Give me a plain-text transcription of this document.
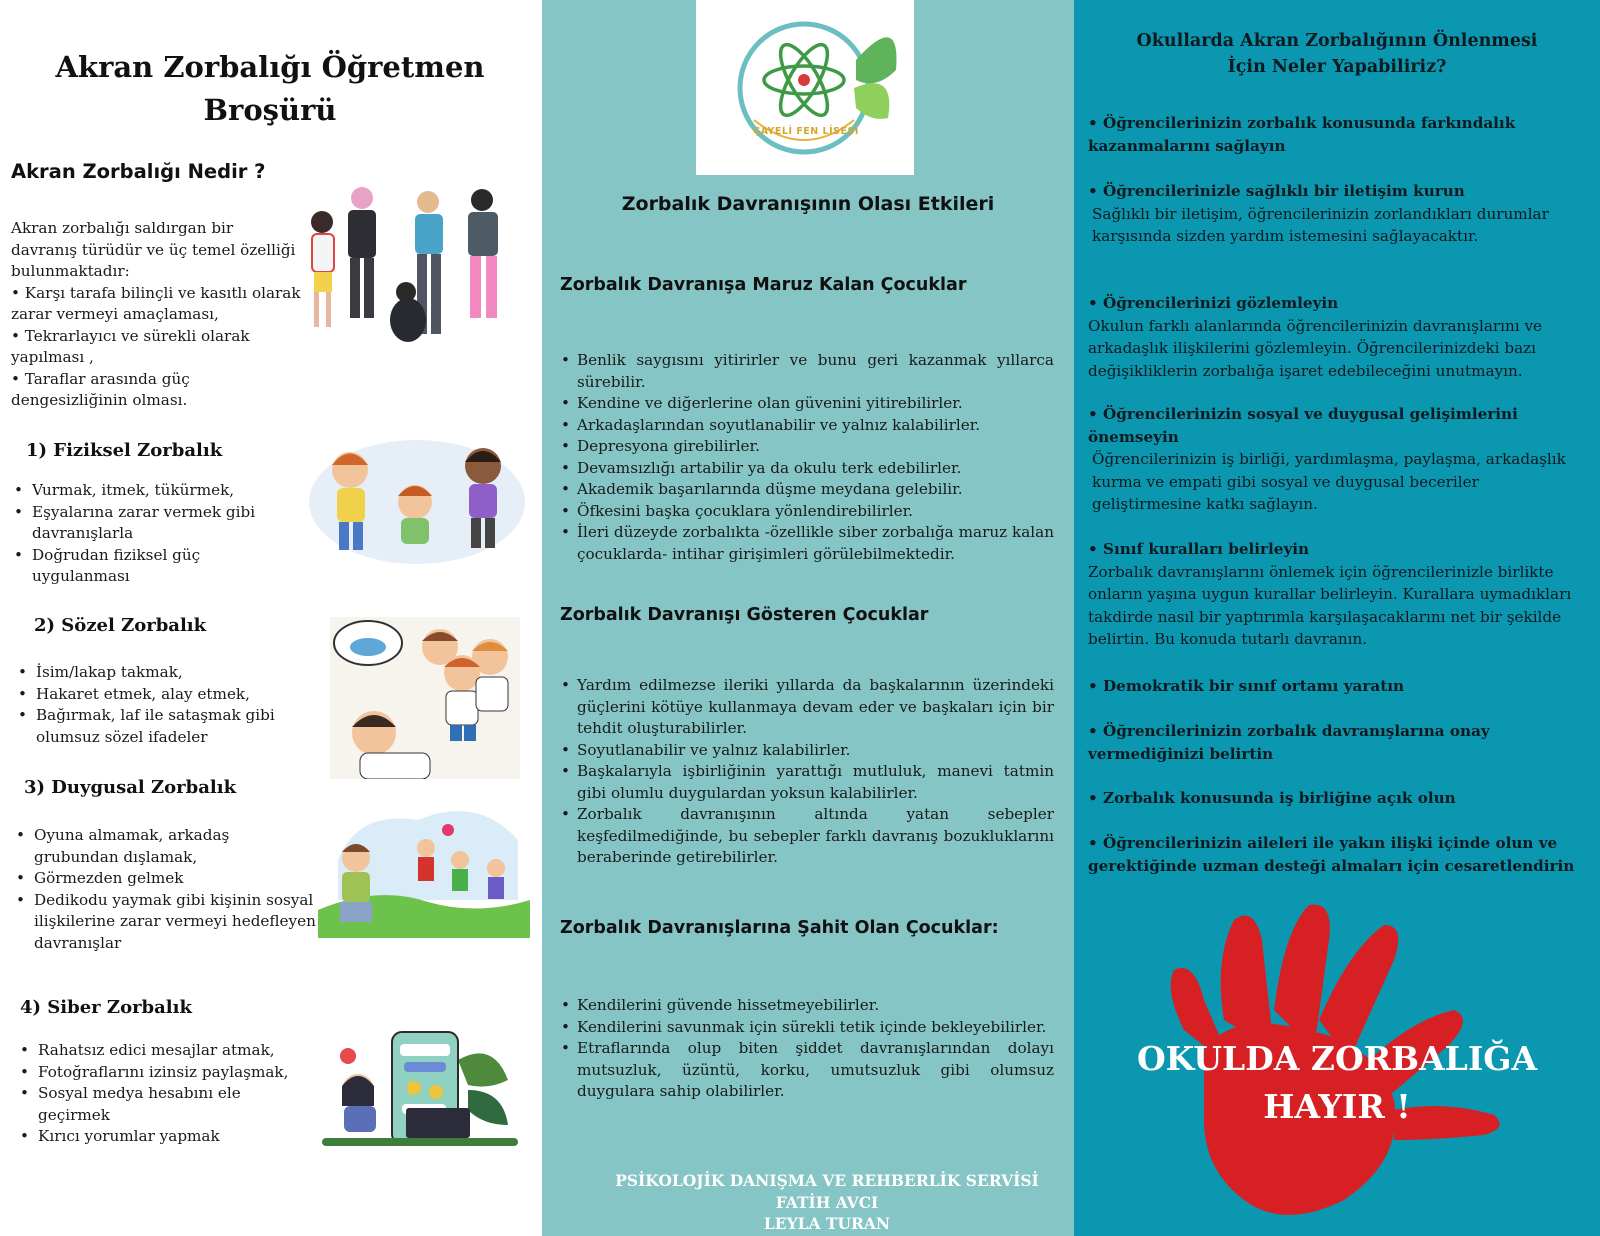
Akran Zorbalığı Öğretmen
Broşürü
Akran Zorbalığı Nedir ?

Akran zorbalığı saldırgan bir davranış türüdür ve üç temel özelliği bulunmaktadır:

• Karşı tarafa bilinçli ve kasıtlı olarak zarar vermeyi amaçlaması,

• Tekrarlayıcı ve sürekli olarak yapılması ,

• Taraflar arasında güç dengesizliğinin olması.

1) Fiziksel Zorbalık
• Vurmak, itmek, tükürmek,
• Eşyalarına zarar vermek gibi davranışlarla
• Doğrudan fiziksel güç uygulanması
2) Sözel Zorbalık
• İsim/lakap takmak,
• Hakaret etmek, alay etmek,
• Bağırmak, laf ile sataşmak gibi olumsuz sözel ifadeler
3) Duygusal Zorbalık
• Oyuna almamak, arkadaş grubundan dışlamak,
• Görmezden gelmek
• Dedikodu yaymak gibi kişinin sosyal ilişkilerine zarar vermeyi hedefleyen davranışlar
4) Siber Zorbalık
• Rahatsız edici mesajlar atmak,
• Fotoğraflarını izinsiz paylaşmak,
• Sosyal medya hesabını ele geçirmek
• Kırıcı yorumlar yapmak
ÇAYELİ FEN LİSESİ
Zorbalık Davranışının Olası Etkileri
Zorbalık Davranışa Maruz Kalan Çocuklar
• Benlik saygısını yitirirler ve bunu geri kazanmak yıllarca sürebilir.
• Kendine ve diğerlerine olan güvenini yitirebilirler.
• Arkadaşlarından soyutlanabilir ve yalnız kalabilirler.
• Depresyona girebilirler.
• Devamsızlığı artabilir ya da okulu terk edebilirler.
• Akademik başarılarında düşme meydana gelebilir.
• Öfkesini başka çocuklara yönlendirebilirler.
• İleri düzeyde zorbalıkta -özellikle siber zorbalığa maruz kalan çocuklarda- intihar girişimleri görülebilmektedir.
Zorbalık Davranışı Gösteren Çocuklar
• Yardım edilmezse ileriki yıllarda da başkalarının üzerindeki güçlerini kötüye kullanmaya devam eder ve başkaları için bir tehdit oluşturabilirler.
• Soyutlanabilir ve yalnız kalabilirler.
• Başkalarıyla işbirliğinin yarattığı mutluluk, manevi tatmin gibi olumlu duygulardan yoksun kalabilirler.
• Zorbalık davranışının altında yatan sebepler keşfedilmediğinde, bu sebepler farklı davranış bozukluklarını beraberinde getirebilirler.
Zorbalık Davranışlarına Şahit Olan Çocuklar:
• Kendilerini güvende hissetmeyebilirler.
• Kendilerini savunmak için sürekli tetik içinde bekleyebilirler.
• Etraflarında olup biten şiddet davranışlarından dolayı mutsuzluk, üzüntü, korku, umutsuzluk gibi olumsuz duygulara sahip olabilirler.
PSİKOLOJİK DANIŞMA VE REHBERLİK SERVİSİ
FATİH AVCI
LEYLA TURAN
Okullarda Akran Zorbalığının Önlenmesi
İçin Neler Yapabiliriz?
• Öğrencilerinizin zorbalık konusunda farkındalık kazanmalarını sağlayın
• Öğrencilerinizle sağlıklı bir iletişim kurun
Sağlıklı bir iletişim, öğrencilerinizin zorlandıkları durumlar karşısında sizden yardım istemesini sağlayacaktır.
• Öğrencilerinizi gözlemleyin
Okulun farklı alanlarında öğrencilerinizin davranışlarını ve arkadaşlık ilişkilerini gözlemleyin. Öğrencilerinizdeki bazı değişikliklerin zorbalığa işaret edebileceğini unutmayın.
• Öğrencilerinizin sosyal ve duygusal gelişimlerini önemseyin
Öğrencilerinizin iş birliği, yardımlaşma, paylaşma, arkadaşlık kurma ve empati gibi sosyal ve duygusal beceriler geliştirmesine katkı sağlayın.
• Sınıf kuralları belirleyin
Zorbalık davranışlarını önlemek için öğrencilerinizle birlikte onların yaşına uygun kurallar belirleyin. Kurallara uymadıkları takdirde nasıl bir yaptırımla karşılaşacaklarını net bir şekilde belirtin. Bu konuda tutarlı davranın.
• Demokratik bir sınıf ortamı yaratın
• Öğrencilerinizin zorbalık davranışlarına onay vermediğinizi belirtin
• Zorbalık konusunda iş birliğine açık olun
• Öğrencilerinizin aileleri ile yakın ilişki içinde olun ve gerektiğinde uzman desteği almaları için cesaretlendirin
OKULDA ZORBALIĞA
HAYIR !
